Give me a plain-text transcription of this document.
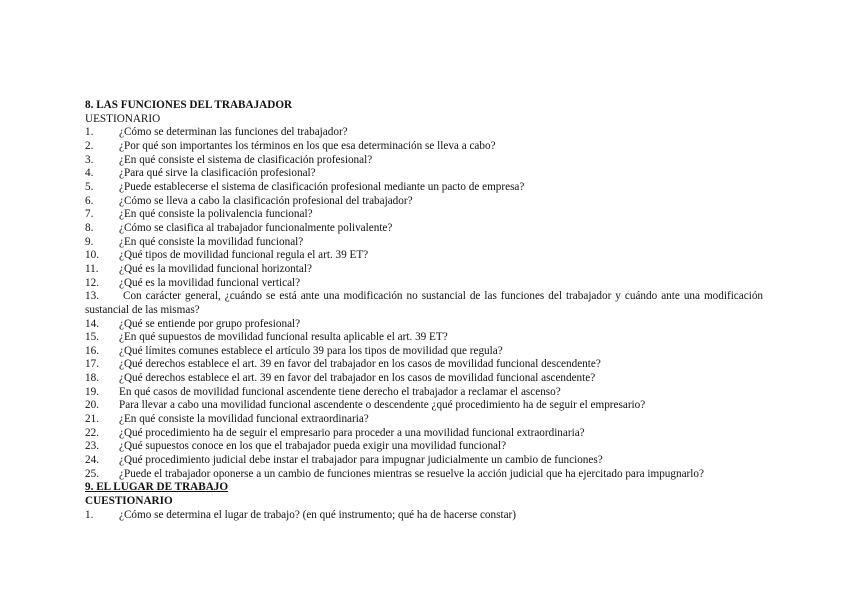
8. LAS FUNCIONES DEL TRABAJADOR
UESTIONARIO
1.	¿Cómo se determinan las funciones del trabajador?
2.	¿Por qué son importantes los términos en los que esa determinación se lleva a cabo?
3.	¿En qué consiste el sistema de clasificación profesional?
4.	¿Para qué sirve la clasificación profesional?
5.	¿Puede establecerse el sistema de clasificación profesional mediante un pacto de empresa?
6.	¿Cómo se lleva a cabo la clasificación profesional del trabajador?
7.	¿En qué consiste la polivalencia funcional?
8.	¿Cómo se clasifica al trabajador funcionalmente polivalente?
9.	¿En qué consiste la movilidad funcional?
10.	¿Qué tipos de movilidad funcional regula el art. 39 ET?
11.	¿Qué es la movilidad funcional horizontal?
12.	¿Qué es la movilidad funcional vertical?
13. Con carácter general, ¿cuándo se está ante una modificación no sustancial de las funciones del trabajador y cuándo ante una modificación sustancial de las mismas?
14.	¿Qué se entiende por grupo profesional?
15.	¿En qué supuestos de movilidad funcional resulta aplicable el art. 39 ET?
16.	¿Qué límites comunes establece el artículo 39 para los tipos de movilidad que regula?
17.	¿Qué derechos establece el art. 39 en favor del trabajador en los casos de movilidad funcional descendente?
18.	¿Qué derechos establece el art. 39 en favor del trabajador en los casos de movilidad funcional ascendente?
19.	En qué casos de movilidad funcional ascendente tiene derecho el trabajador a reclamar el ascenso?
20.	Para llevar a cabo una movilidad funcional ascendente o descendente ¿qué procedimiento ha de seguir el empresario?
21.	¿En qué consiste la movilidad funcional extraordinaria?
22.	¿Qué procedimiento ha de seguir el empresario para proceder a una movilidad funcional extraordinaria?
23.	¿Qué supuestos conoce en los que el trabajador pueda exigir una movilidad funcional?
24.	¿Qué procedimiento judicial debe instar el trabajador para impugnar judicialmente un cambio de funciones?
25.	¿Puede el trabajador oponerse a un cambio de funciones mientras se resuelve la acción judicial que ha ejercitado para impugnarlo?
9. EL LUGAR DE TRABAJO
CUESTIONARIO
1.	¿Cómo se determina el lugar de trabajo? (en qué instrumento; qué ha de hacerse constar)
